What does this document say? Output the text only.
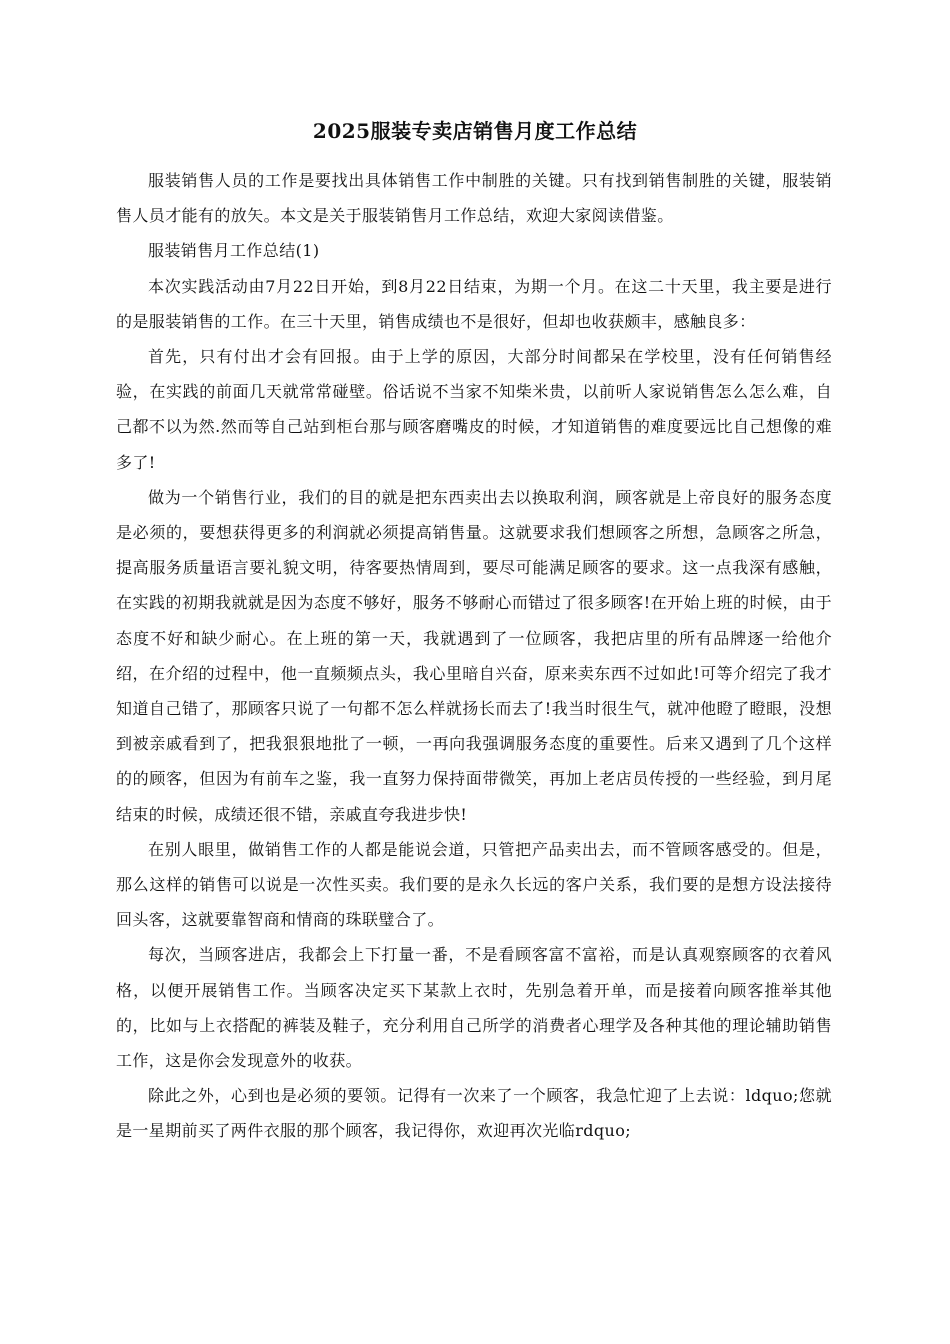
2025服装专卖店销售月度工作总结

服装销售人员的工作是要找出具体销售工作中制胜的关键。只有找到销售制胜的关键，服装销售人员才能有的放矢。本文是关于服装销售月工作总结，欢迎大家阅读借鉴。

服装销售月工作总结(1)

本次实践活动由7月22日开始，到8月22日结束，为期一个月。在这二十天里，我主要是进行的是服装销售的工作。在三十天里，销售成绩也不是很好，但却也收获颇丰，感触良多：

首先，只有付出才会有回报。由于上学的原因，大部分时间都呆在学校里，没有任何销售经验，在实践的前面几天就常常碰壁。俗话说不当家不知柴米贵，以前听人家说销售怎么怎么难，自己都不以为然.然而等自己站到柜台那与顾客磨嘴皮的时候，才知道销售的难度要远比自己想像的难多了!

做为一个销售行业，我们的目的就是把东西卖出去以换取利润，顾客就是上帝良好的服务态度是必须的，要想获得更多的利润就必须提高销售量。这就要求我们想顾客之所想，急顾客之所急，提高服务质量语言要礼貌文明，待客要热情周到，要尽可能满足顾客的要求。这一点我深有感触，在实践的初期我就就是因为态度不够好，服务不够耐心而错过了很多顾客!在开始上班的时候，由于态度不好和缺少耐心。在上班的第一天，我就遇到了一位顾客，我把店里的所有品牌逐一给他介绍，在介绍的过程中，他一直频频点头，我心里暗自兴奋，原来卖东西不过如此!可等介绍完了我才知道自己错了，那顾客只说了一句都不怎么样就扬长而去了!我当时很生气，就冲他瞪了瞪眼，没想到被亲戚看到了，把我狠狠地批了一顿，一再向我强调服务态度的重要性。后来又遇到了几个这样的的顾客，但因为有前车之鉴，我一直努力保持面带微笑，再加上老店员传授的一些经验，到月尾结束的时候，成绩还很不错，亲戚直夸我进步快!

在别人眼里，做销售工作的人都是能说会道，只管把产品卖出去，而不管顾客感受的。但是，那么这样的销售可以说是一次性买卖。我们要的是永久长远的客户关系，我们要的是想方设法接待回头客，这就要靠智商和情商的珠联璧合了。

每次，当顾客进店，我都会上下打量一番，不是看顾客富不富裕，而是认真观察顾客的衣着风格，以便开展销售工作。当顾客决定买下某款上衣时，先别急着开单，而是接着向顾客推举其他的，比如与上衣搭配的裤装及鞋子，充分利用自己所学的消费者心理学及各种其他的理论辅助销售工作，这是你会发现意外的收获。

除此之外，心到也是必须的要领。记得有一次来了一个顾客，我急忙迎了上去说：ldquo;您就是一星期前买了两件衣服的那个顾客，我记得你，欢迎再次光临rdquo;
